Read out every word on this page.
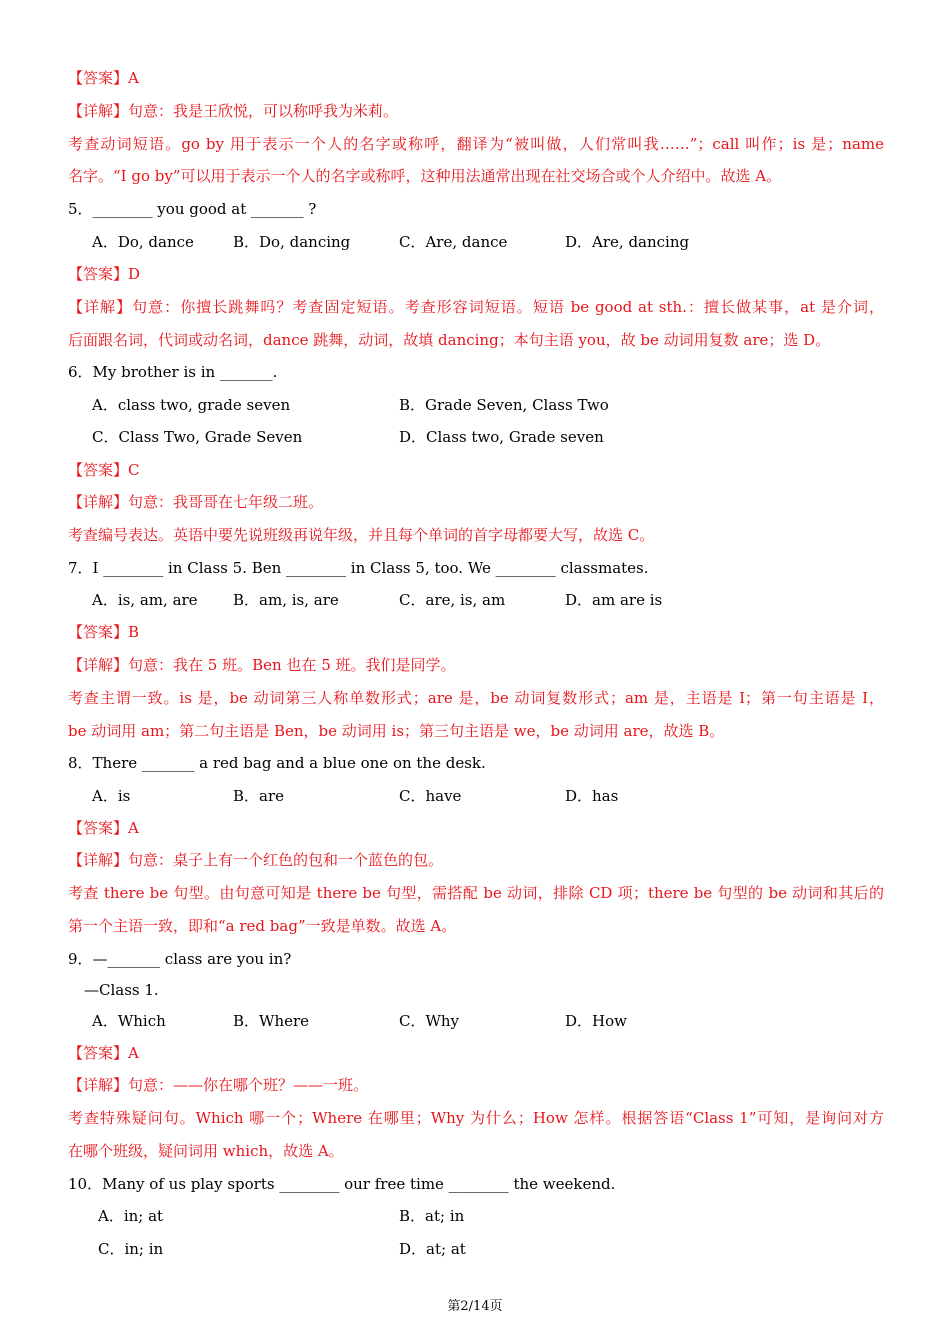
【答案】A
【详解】句意：我是王欣悦，可以称呼我为米莉。
考查动词短语。go by 用于表示一个人的名字或称呼，翻译为“被叫做，人们常叫我……”；call 叫作；is 是；name
名字。“I go by”可以用于表示一个人的名字或称呼，这种用法通常出现在社交场合或个人介绍中。故选 A。
5．________ you good at _______ ?
A．Do, dance	B．Do, dancing	C．Are, dance	D．Are, dancing
【答案】D
【详解】句意：你擅长跳舞吗？考查固定短语。考查形容词短语。短语 be good at sth.：擅长做某事，at 是介词，
后面跟名词，代词或动名词，dance 跳舞，动词，故填 dancing；本句主语 you，故 be 动词用复数 are；选 D。
6．My brother is in _______.
A．class two, grade seven	B．Grade Seven, Class Two
C．Class Two, Grade Seven	D．Class two, Grade seven
【答案】C
【详解】句意：我哥哥在七年级二班。
考查编号表达。英语中要先说班级再说年级，并且每个单词的首字母都要大写，故选 C。
7．I ________ in Class 5. Ben ________ in Class 5, too. We ________ classmates.
A．is, am, are B．am, is, are	C．are, is, am	D．am are is
【答案】B
【详解】句意：我在 5 班。Ben 也在 5 班。我们是同学。
考查主谓一致。is 是，be 动词第三人称单数形式；are 是，be 动词复数形式；am 是，主语是 I；第一句主语是 I，
be 动词用 am；第二句主语是 Ben，be 动词用 is；第三句主语是 we，be 动词用 are，故选 B。
8．There _______ a red bag and a blue one on the desk.
A．is	B．are	C．have	D．has
【答案】A
【详解】句意：桌子上有一个红色的包和一个蓝色的包。
考查 there be 句型。由句意可知是 there be 句型，需搭配 be 动词，排除 CD 项；there be 句型的 be 动词和其后的
第一个主语一致，即和“a red bag”一致是单数。故选 A。
9．—_______ class are you in?
—Class 1.
A．Which	B．Where	C．Why	D．How
【答案】A
【详解】句意：——你在哪个班？——一班。
考查特殊疑问句。Which 哪一个；Where 在哪里；Why 为什么；How 怎样。根据答语“Class 1”可知，是询问对方
在哪个班级，疑问词用 which，故选 A。
10．Many of us play sports ________ our free time ________ the weekend.
A．in; at	B．at; in
C．in; in	D．at; at
第2/14页
